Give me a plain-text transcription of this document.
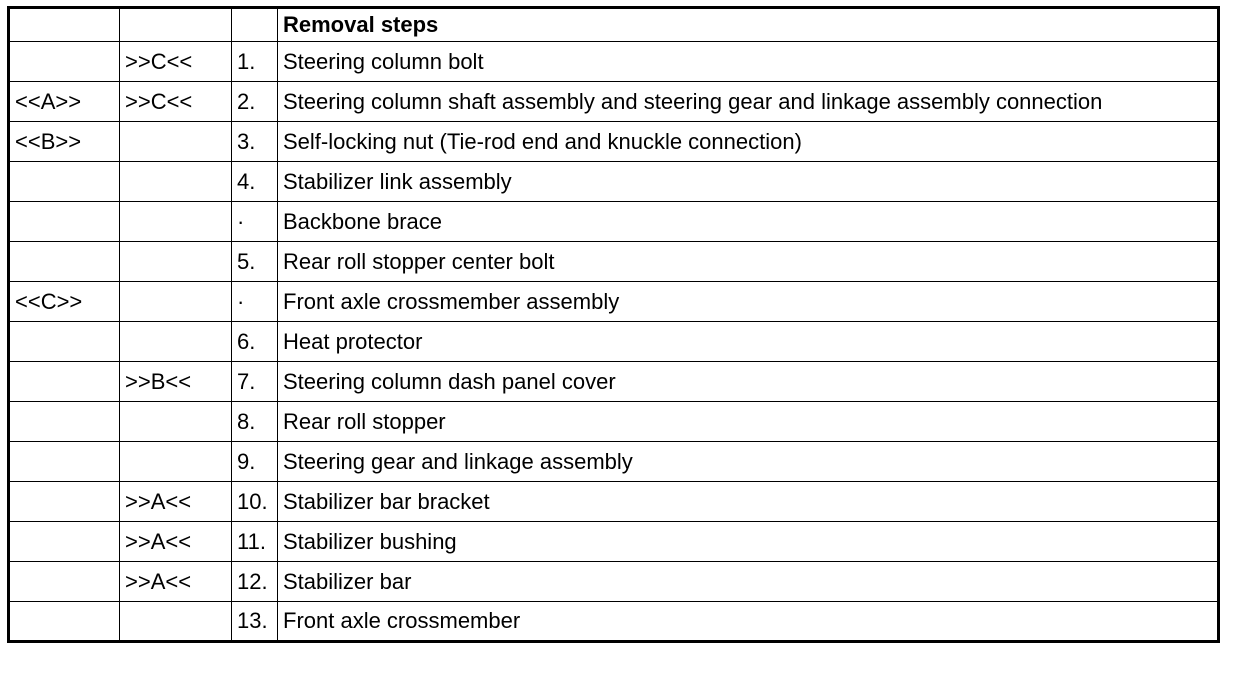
			Removal steps
	>>C<<	1.	Steering column bolt
<<A>>	>>C<<	2.	Steering column shaft assembly and steering gear and linkage assembly connection
<<B>>		3.	Self-locking nut (Tie-rod end and knuckle connection)
		4.	Stabilizer link assembly
		·	Backbone brace
		5.	Rear roll stopper center bolt
<<C>>		·	Front axle crossmember assembly
		6.	Heat protector
	>>B<<	7.	Steering column dash panel cover
		8.	Rear roll stopper
		9.	Steering gear and linkage assembly
	>>A<<	10.	Stabilizer bar bracket
	>>A<<	11.	Stabilizer bushing
	>>A<<	12.	Stabilizer bar
		13.	Front axle crossmember
